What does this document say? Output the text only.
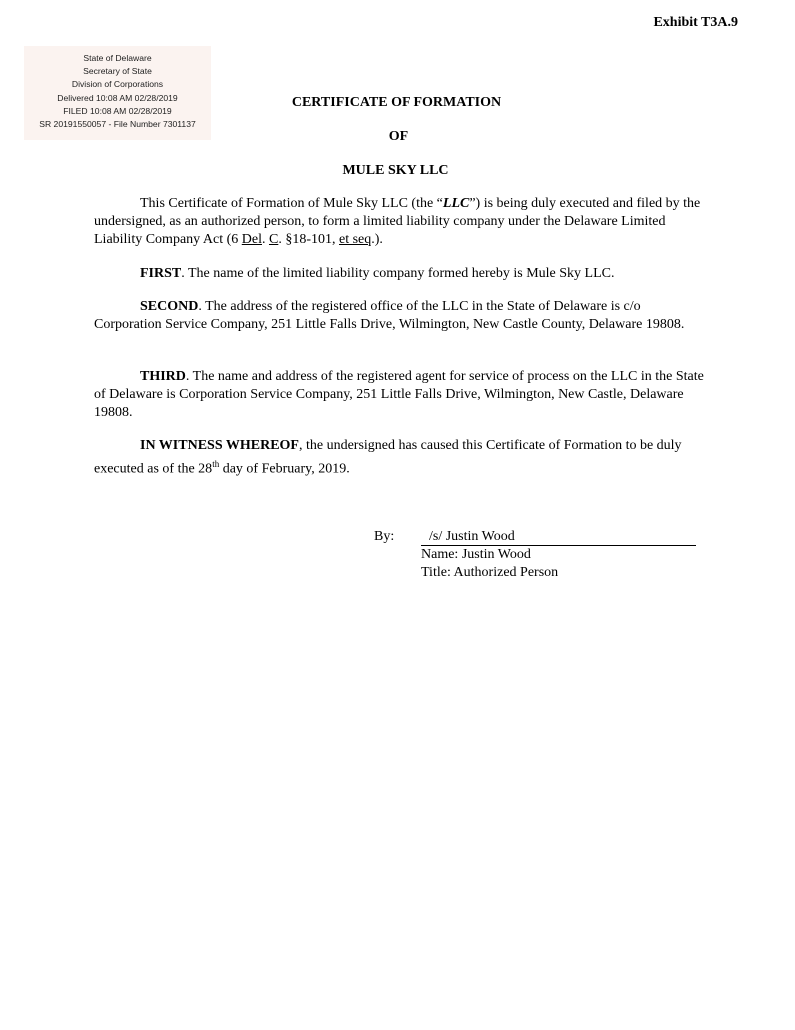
Exhibit T3A.9
State of Delaware
Secretary of State
Division of Corporations
Delivered 10:08 AM 02/28/2019
FILED 10:08 AM 02/28/2019
SR 20191550057 - File Number 7301137
CERTIFICATE OF FORMATION
OF
MULE SKY LLC

This Certificate of Formation of Mule Sky LLC (the “LLC”) is being duly executed and filed by the undersigned, as an authorized person, to form a limited liability company under the Delaware Limited Liability Company Act (6 Del. C. §18-101, et seq.).

FIRST. The name of the limited liability company formed hereby is Mule Sky LLC.

SECOND. The address of the registered office of the LLC in the State of Delaware is c/o Corporation Service Company, 251 Little Falls Drive, Wilmington, New Castle County, Delaware 19808.

THIRD. The name and address of the registered agent for service of process on the LLC in the State of Delaware is Corporation Service Company, 251 Little Falls Drive, Wilmington, New Castle, Delaware 19808.

IN WITNESS WHEREOF, the undersigned has caused this Certificate of Formation to be duly executed as of the 28th day of February, 2019.

By:	/s/ Justin Wood
Name: Justin Wood
Title: Authorized Person
